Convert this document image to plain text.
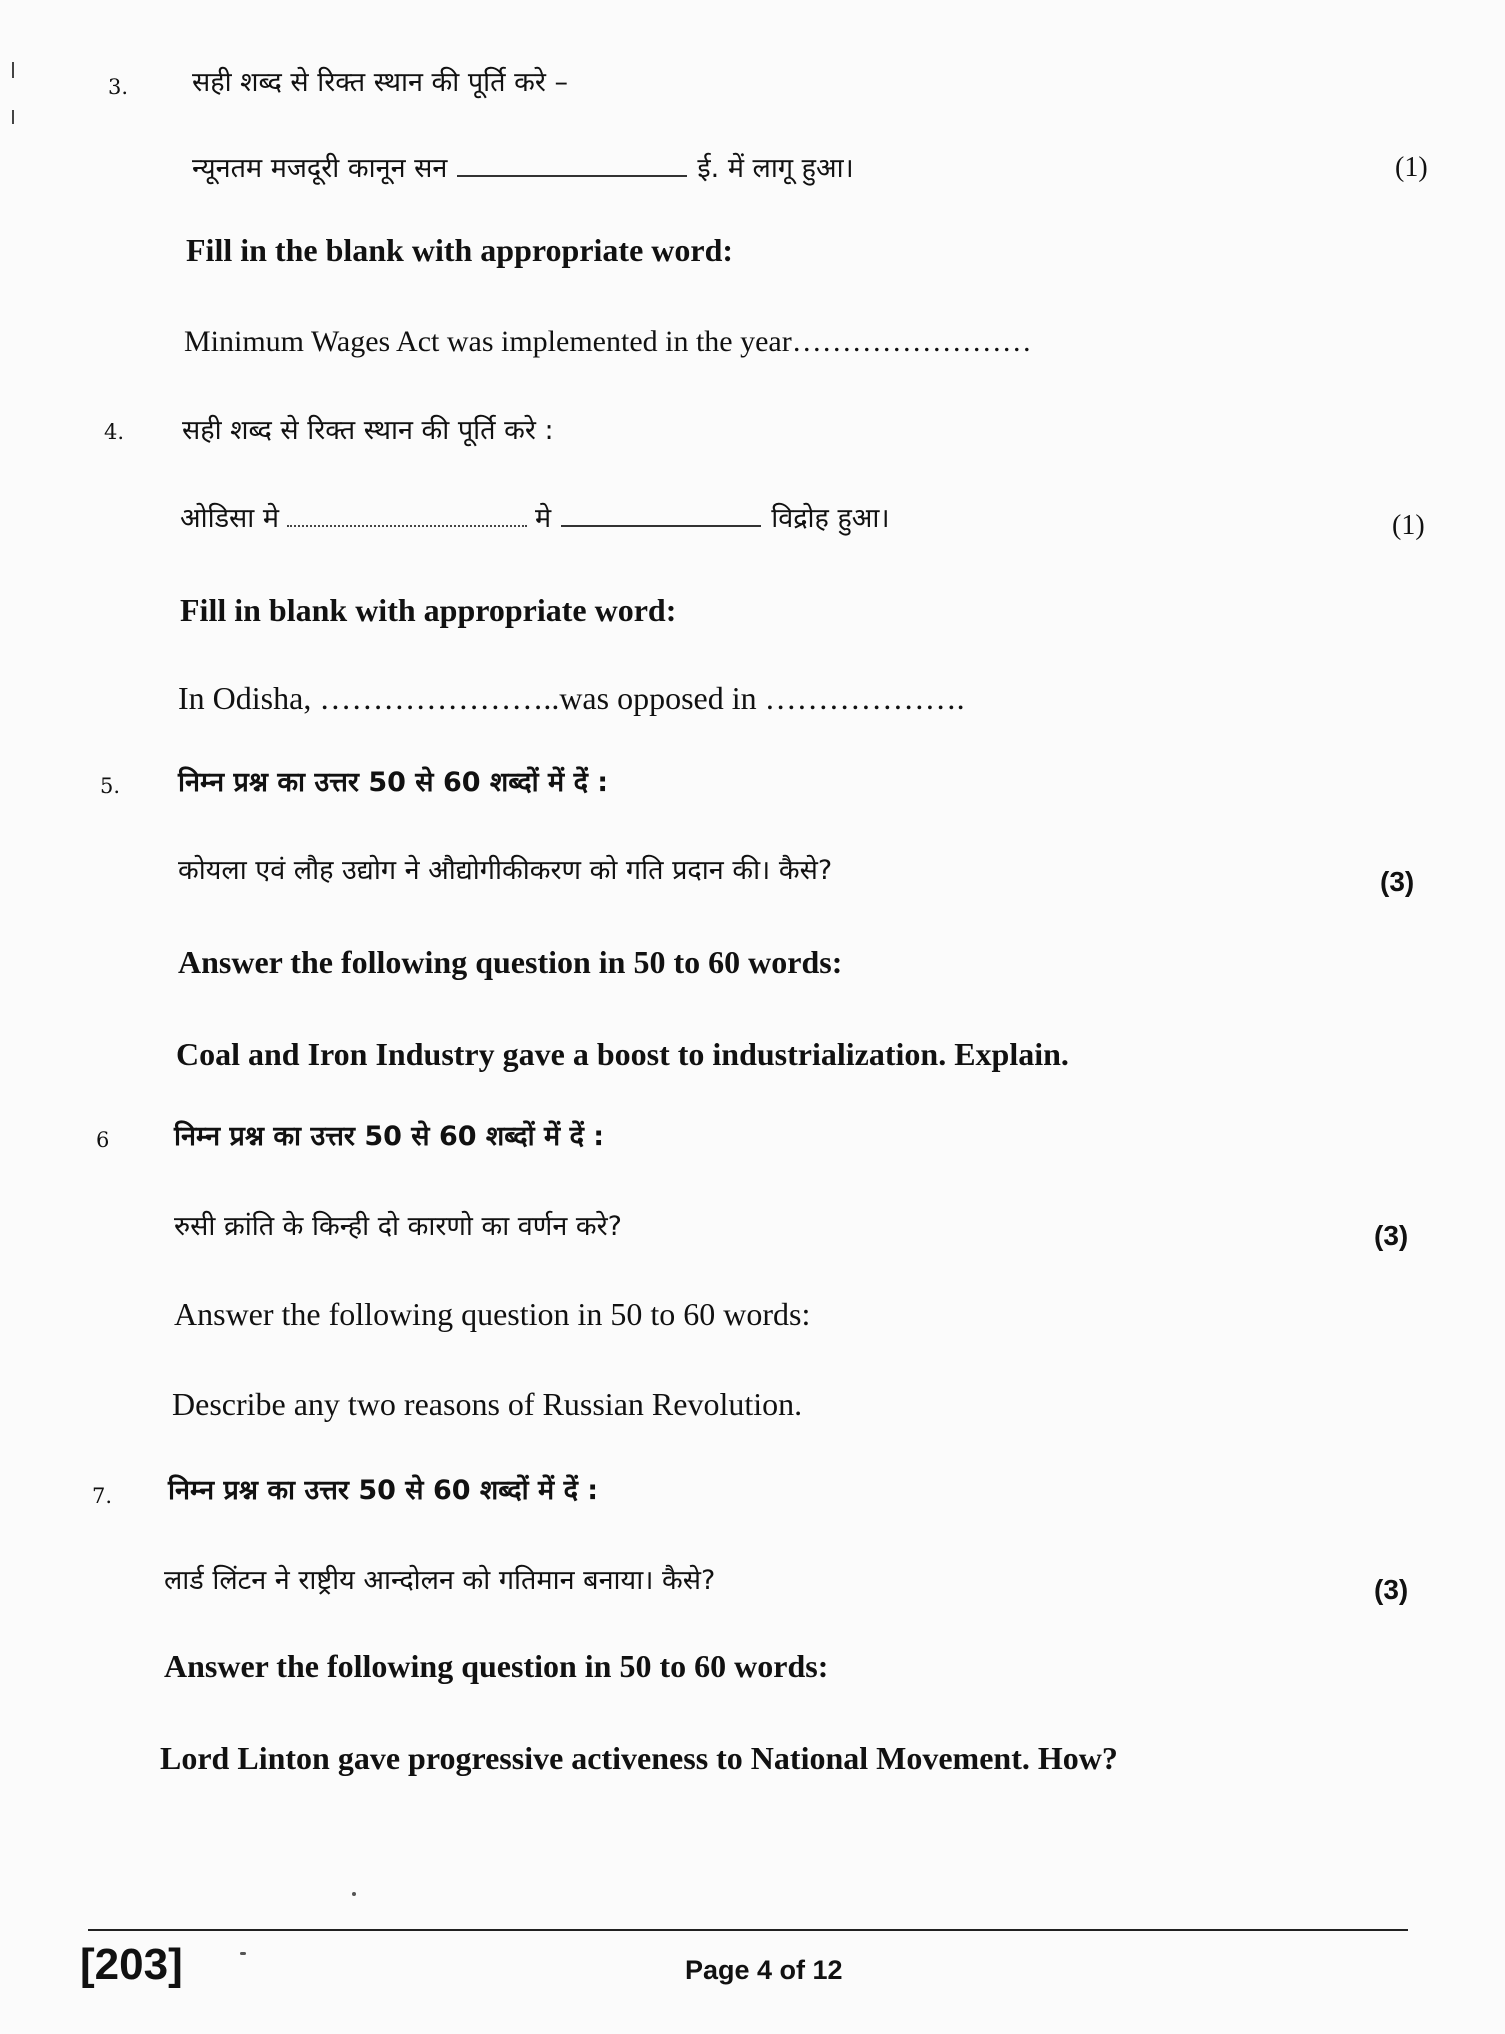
3. सही शब्द से रिक्त स्थान की पूर्ति करे –
न्यूनतम मजदूरी कानून सन	ई. में लागू हुआ।	(1)
Fill in the blank with appropriate word:
Minimum Wages Act was implemented in the year……………………
4. सही शब्द से रिक्त स्थान की पूर्ति करे :
ओडिसा मे	मे	विद्रोह हुआ।	(1)
Fill in blank with appropriate word:
In Odisha, …………………..was opposed in ……………….
5. निम्न प्रश्न का उत्तर 50 से 60 शब्दों में दें :
कोयला एवं लौह उद्योग ने औद्योगीकीकरण को गति प्रदान की। कैसे?	(3)
Answer the following question in 50 to 60 words:
Coal and Iron Industry gave a boost to industrialization. Explain.
6 निम्न प्रश्न का उत्तर 50 से 60 शब्दों में दें :
रुसी क्रांति के किन्ही दो कारणो का वर्णन करे?	(3)
Answer the following question in 50 to 60 words:
Describe any two reasons of Russian Revolution.
7. निम्न प्रश्न का उत्तर 50 से 60 शब्दों में दें :
लार्ड लिंटन ने राष्ट्रीय आन्दोलन को गतिमान बनाया। कैसे?	(3)
Answer the following question in 50 to 60 words:
Lord Linton gave progressive activeness to National Movement. How?
[203]	Page 4 of 12
